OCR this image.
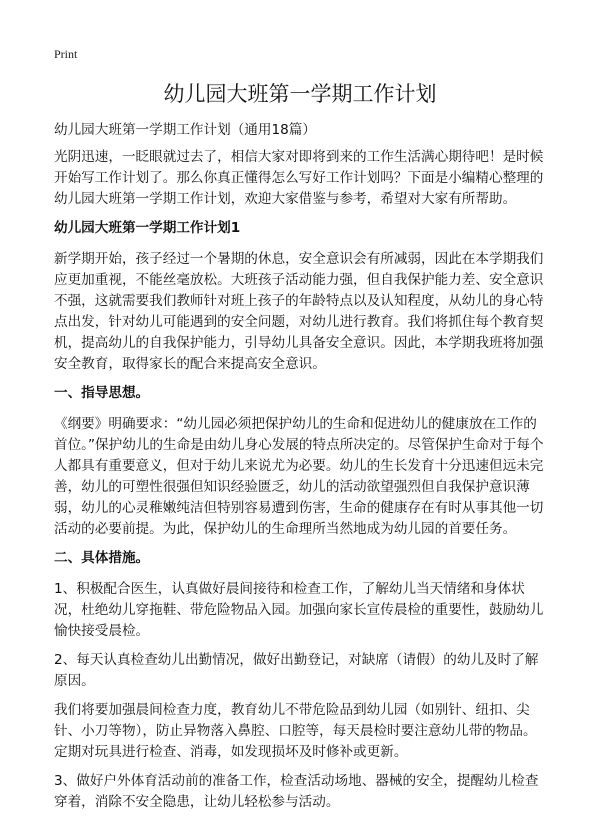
Print
幼儿园大班第一学期工作计划

幼儿园大班第一学期工作计划（通用18篇）

光阴迅速，一眨眼就过去了，相信大家对即将到来的工作生活满心期待吧！是时候开始写工作计划了。那么你真正懂得怎么写好工作计划吗？下面是小编精心整理的幼儿园大班第一学期工作计划，欢迎大家借鉴与参考，希望对大家有所帮助。

幼儿园大班第一学期工作计划1

新学期开始，孩子经过一个暑期的休息，安全意识会有所减弱，因此在本学期我们应更加重视，不能丝毫放松。大班孩子活动能力强，但自我保护能力差、安全意识不强，这就需要我们教师针对班上孩子的年龄特点以及认知程度，从幼儿的身心特点出发，针对幼儿可能遇到的安全问题，对幼儿进行教育。我们将抓住每个教育契机，提高幼儿的自我保护能力，引导幼儿具备安全意识。因此，本学期我班将加强安全教育，取得家长的配合来提高安全意识。

一、指导思想。

《纲要》明确要求：“幼儿园必须把保护幼儿的生命和促进幼儿的健康放在工作的首位。”保护幼儿的生命是由幼儿身心发展的特点所决定的。尽管保护生命对于每个人都具有重要意义，但对于幼儿来说尤为必要。幼儿的生长发育十分迅速但远未完善，幼儿的可塑性很强但知识经验匮乏，幼儿的活动欲望强烈但自我保护意识薄弱，幼儿的心灵稚嫩纯洁但特别容易遭到伤害，生命的健康存在有时从事其他一切活动的必要前提。为此，保护幼儿的生命理所当然地成为幼儿园的首要任务。

二、具体措施。

1、积极配合医生，认真做好晨间接待和检查工作，了解幼儿当天情绪和身体状况，杜绝幼儿穿拖鞋、带危险物品入园。加强向家长宣传晨检的重要性，鼓励幼儿愉快接受晨检。

2、每天认真检查幼儿出勤情况，做好出勤登记，对缺席（请假）的幼儿及时了解原因。

我们将要加强晨间检查力度，教育幼儿不带危险品到幼儿园（如别针、纽扣、尖针、小刀等物），防止异物落入鼻腔、口腔等，每天晨检时要注意幼儿带的物品。定期对玩具进行检查、消毒，如发现损坏及时修补或更新。

3、做好户外体育活动前的准备工作，检查活动场地、器械的安全，提醒幼儿检查穿着，消除不安全隐患，让幼儿轻松参与活动。
